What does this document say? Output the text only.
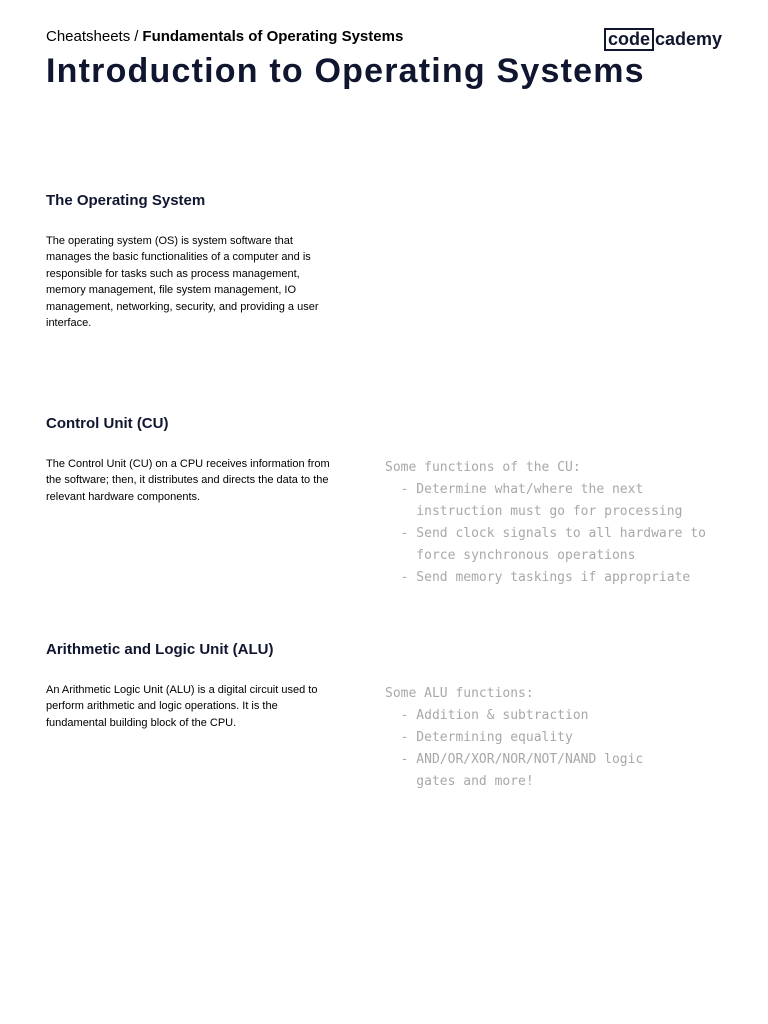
Cheatsheets / Fundamentals of Operating Systems	code cademy
Introduction to Operating Systems
The Operating System

The operating system (OS) is system software that manages the basic functionalities of a computer and is responsible for tasks such as process management, memory management, file system management, IO management, networking, security, and providing a user interface.

Control Unit (CU)

The Control Unit (CU) on a CPU receives information from the software; then, it distributes and directs the data to the relevant hardware components.

Some functions of the CU:
- Determine what/where the next
instruction must go for processing
- Send clock signals to all hardware to
force synchronous operations
- Send memory taskings if appropriate
Arithmetic and Logic Unit (ALU)

An Arithmetic Logic Unit (ALU) is a digital circuit used to perform arithmetic and logic operations. It is the fundamental building block of the CPU.

Some ALU functions:
- Addition & subtraction
- Determining equality
- AND/OR/XOR/NOR/NOT/NAND logic
gates and more!
